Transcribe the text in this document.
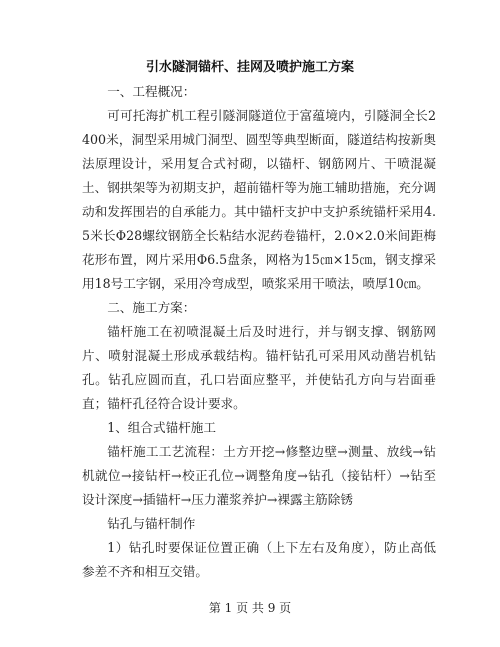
引水隧洞锚杆、挂网及喷护施工方案

一、工程概况：

可可托海扩机工程引隧洞隧道位于富蕴境内，引隧洞全长2400米，洞型采用城门洞型、圆型等典型断面，隧道结构按新奥法原理设计，采用复合式衬砌，以锚杆、钢筋网片、干喷混凝土、钢拱架等为初期支护，超前锚杆等为施工辅助措施，充分调动和发挥围岩的自承能力。其中锚杆支护中支护系统锚杆采用4.5米长Φ28螺纹钢筋全长粘结水泥药卷锚杆，2.0×2.0米间距梅花形布置，网片采用Φ6.5盘条，网格为15㎝×15㎝，钢支撑采用18号工字钢，采用冷弯成型，喷浆采用干喷法，喷厚10㎝。

二、施工方案：

锚杆施工在初喷混凝土后及时进行，并与钢支撑、钢筋网片、喷射混凝土形成承载结构。锚杆钻孔可采用风动凿岩机钻孔。钻孔应圆而直，孔口岩面应整平，并使钻孔方向与岩面垂直；锚杆孔径符合设计要求。

1、组合式锚杆施工

锚杆施工工艺流程：土方开挖→修整边壁→测量、放线→钻机就位→接钻杆→校正孔位→调整角度→钻孔（接钻杆）→钻至设计深度→插锚杆→压力灌浆养护→裸露主筋除锈

钻孔与锚杆制作

1）钻孔时要保证位置正确（上下左右及角度），防止高低参差不齐和相互交错。

第 1 页 共 9 页
